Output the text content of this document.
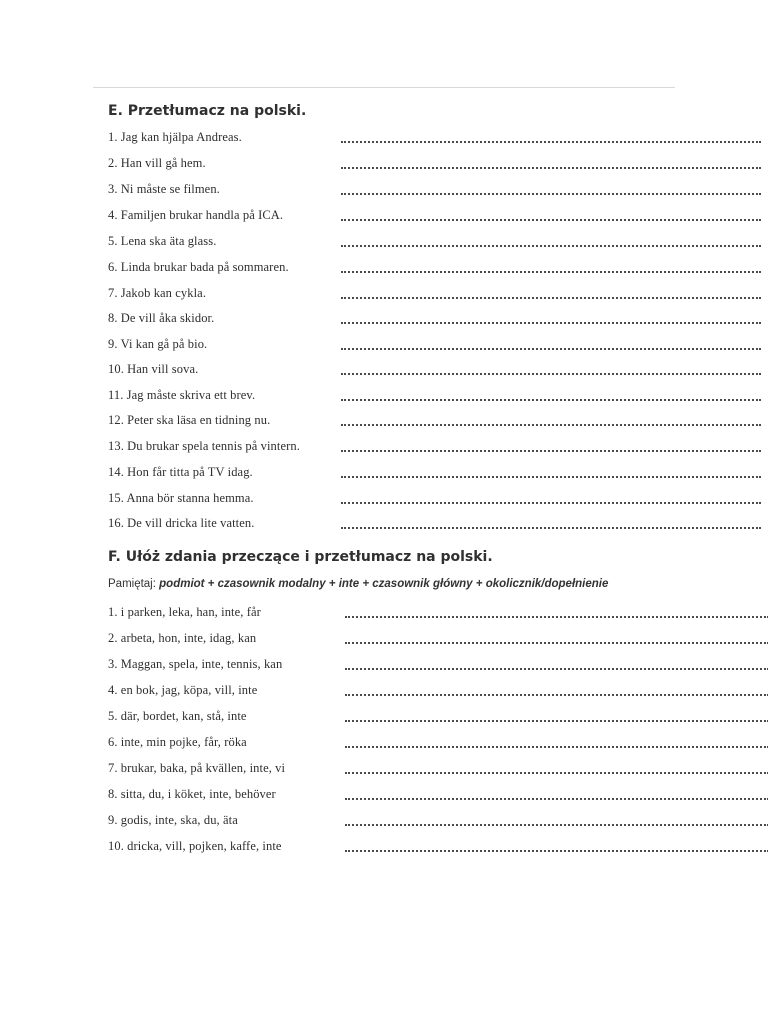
E. Przetłumacz na polski.
1. Jag kan hjälpa Andreas.
2. Han vill gå hem.
3. Ni måste se filmen.
4. Familjen brukar handla på ICA.
5. Lena ska äta glass.
6. Linda brukar bada på sommaren.
7. Jakob kan cykla.
8. De vill åka skidor.
9. Vi kan gå på bio.
10. Han vill sova.
11. Jag måste skriva ett brev.
12. Peter ska läsa en tidning nu.
13. Du brukar spela tennis på vintern.
14. Hon får titta på TV idag.
15. Anna bör stanna hemma.
16. De vill dricka lite vatten.
F. Ułóż zdania przeczące i przetłumacz na polski.
Pamiętaj: podmiot + czasownik modalny + inte + czasownik główny + okolicznik/dopełnienie
1. i parken, leka, han, inte, får
2. arbeta, hon, inte, idag, kan
3. Maggan, spela, inte, tennis, kan
4. en bok, jag, köpa, vill, inte
5. där, bordet, kan, stå, inte
6. inte, min pojke, får, röka
7. brukar, baka, på kvällen, inte, vi
8. sitta, du, i köket, inte, behöver
9. godis, inte, ska, du, äta
10. dricka, vill, pojken, kaffe, inte
